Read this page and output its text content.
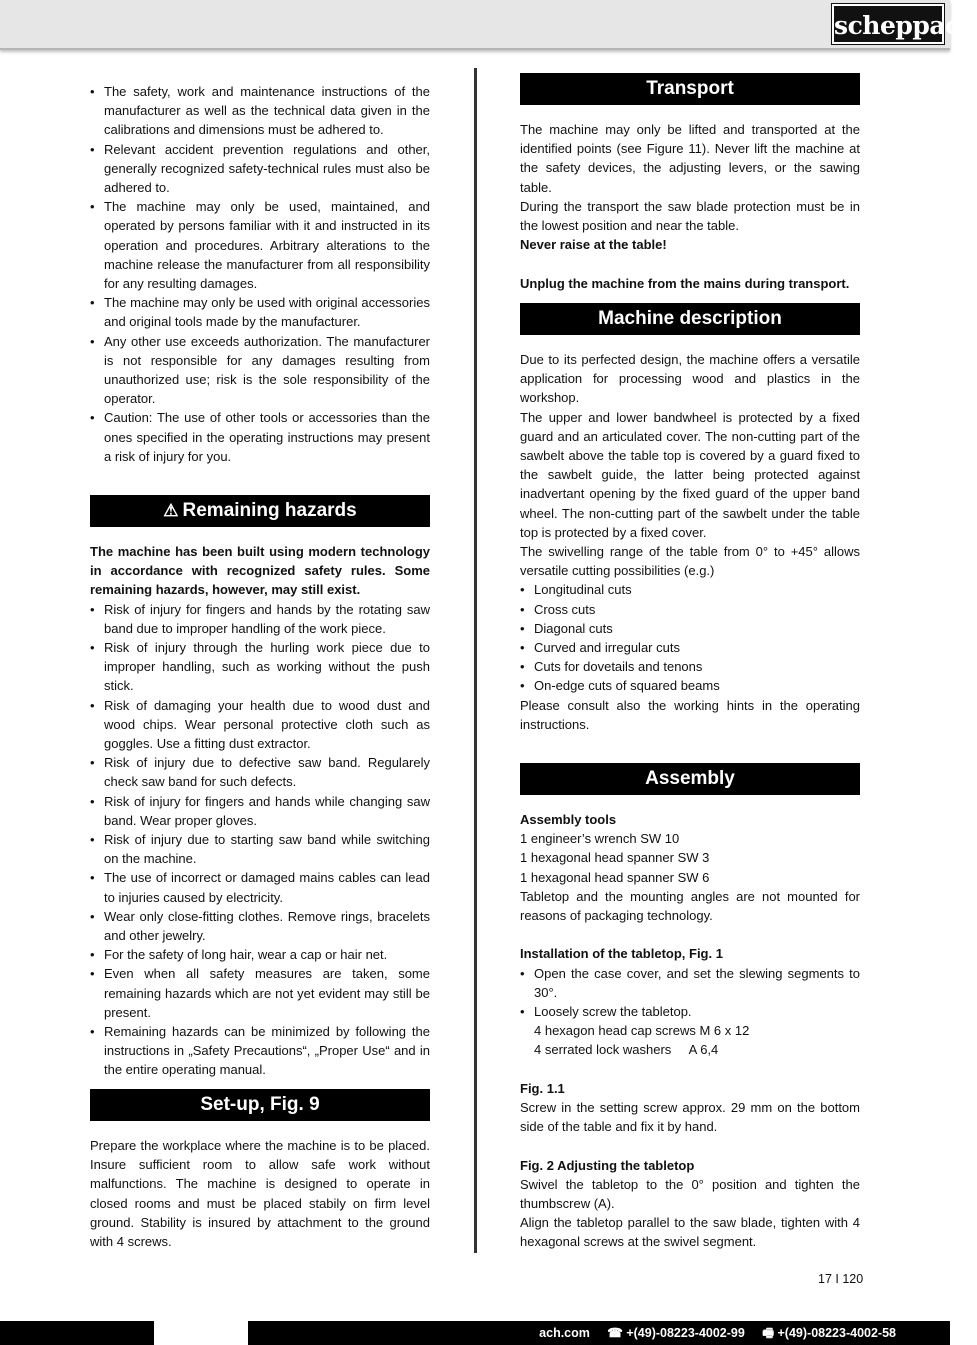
scheppach
• The safety, work and maintenance instructions of the manufacturer as well as the technical data given in the calibrations and dimensions must be adhered to.
• Relevant accident prevention regulations and other, generally recognized safety-technical rules must also be adhered to.
• The machine may only be used, maintained, and operated by persons familiar with it and instructed in its operation and procedures. Arbitrary alterations to the machine release the manufacturer from all responsibility for any resulting damages.
• The machine may only be used with original accessories and original tools made by the manufacturer.
• Any other use exceeds authorization. The manufacturer is not responsible for any damages resulting from unauthorized use; risk is the sole responsibility of the operator.
• Caution: The use of other tools or accessories than the ones specified in the operating instructions may present a risk of injury for you.
⚠ Remaining hazards

The machine has been built using modern technology in accordance with recognized safety rules. Some remaining hazards, however, may still exist.

• Risk of injury for fingers and hands by the rotating saw band due to improper handling of the work piece.
• Risk of injury through the hurling work piece due to improper handling, such as working without the push stick.
• Risk of damaging your health due to wood dust and wood chips. Wear personal protective cloth such as goggles. Use a fitting dust extractor.
• Risk of injury due to defective saw band. Regularely check saw band for such defects.
• Risk of injury for fingers and hands while changing saw band. Wear proper gloves.
• Risk of injury due to starting saw band while switching on the machine.
• The use of incorrect or damaged mains cables can lead to injuries caused by electricity.
• Wear only close-fitting clothes. Remove rings, bracelets and other jewelry.
• For the safety of long hair, wear a cap or hair net.
• Even when all safety measures are taken, some remaining hazards which are not yet evident may still be present.
• Remaining hazards can be minimized by following the instructions in „Safety Precautions“, „Proper Use“ and in the entire operating manual.
Set-up, Fig. 9

Prepare the workplace where the machine is to be placed. Insure sufficient room to allow safe work without malfunctions. The machine is designed to operate in closed rooms and must be placed stabily on firm level ground. Stability is insured by attachment to the ground with 4 screws.

Transport

The machine may only be lifted and transported at the identified points (see Figure 11). Never lift the machine at the safety devices, the adjusting levers, or the sawing table.

During the transport the saw blade protection must be in the lowest position and near the table.

Never raise at the table!

Unplug the machine from the mains during transport.

Machine description

Due to its perfected design, the machine offers a versatile application for processing wood and plastics in the workshop.

The upper and lower bandwheel is protected by a fixed guard and an articulated cover. The non-cutting part of the sawbelt above the table top is covered by a guard fixed to the sawbelt guide, the latter being protected against inadvertant opening by the fixed guard of the upper band wheel. The non-cutting part of the sawbelt under the table top is protected by a fixed cover.

The swivelling range of the table from 0° to +45° allows versatile cutting possibilities (e.g.)

• Longitudinal cuts
• Cross cuts
• Diagonal cuts
• Curved and irregular cuts
• Cuts for dovetails and tenons
• On-edge cuts of squared beams

Please consult also the working hints in the operating instructions.

Assembly

Assembly tools

1 engineer’s wrench SW 10

1 hexagonal head spanner SW 3

1 hexagonal head spanner SW 6

Tabletop and the mounting angles are not mounted for reasons of packaging technology.

Installation of the tabletop, Fig. 1

• Open the case cover, and set the slewing segments to 30°.
• Loosely screw the tabletop.

4 hexagon head cap screws M 6 x 12

4 serrated lock washers     A 6,4

Fig. 1.1

Screw in the setting screw approx. 29 mm on the bottom side of the table and fix it by hand.

Fig. 2 Adjusting the tabletop

Swivel the tabletop to the 0° position and tighten the thumbscrew (A).

Align the tabletop parallel to the saw blade, tighten with 4 hexagonal screws at the swivel segment.

17 I 120
ach.com ☎ +(49)-08223-4002-99 🖷 +(49)-08223-4002-58
